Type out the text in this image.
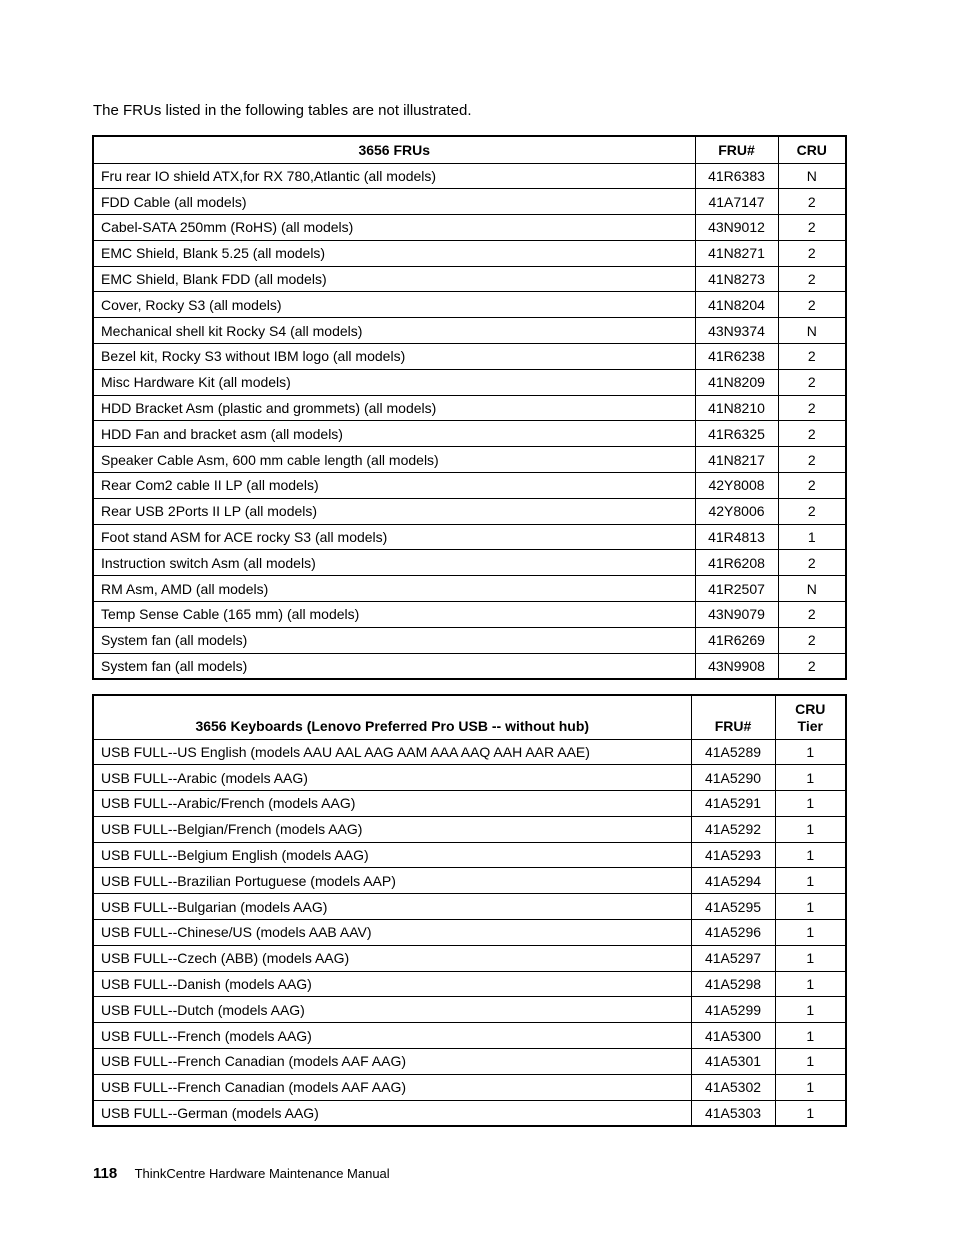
The FRUs listed in the following tables are not illustrated.
3656 FRUs	FRU#	CRU
Fru rear IO shield ATX,for RX 780,Atlantic (all models)	41R6383	N
FDD Cable (all models)	41A7147	2
Cabel-SATA 250mm (RoHS) (all models)	43N9012	2
EMC Shield, Blank 5.25 (all models)	41N8271	2
EMC Shield, Blank FDD (all models)	41N8273	2
Cover, Rocky S3 (all models)	41N8204	2
Mechanical shell kit Rocky S4 (all models)	43N9374	N
Bezel kit, Rocky S3 without IBM logo (all models)	41R6238	2
Misc Hardware Kit (all models)	41N8209	2
HDD Bracket Asm (plastic and grommets) (all models)	41N8210	2
HDD Fan and bracket asm (all models)	41R6325	2
Speaker Cable Asm, 600 mm cable length (all models)	41N8217	2
Rear Com2 cable II LP (all models)	42Y8008	2
Rear USB 2Ports II LP (all models)	42Y8006	2
Foot stand ASM for ACE rocky S3 (all models)	41R4813	1
Instruction switch Asm (all models)	41R6208	2
RM Asm, AMD (all models)	41R2507	N
Temp Sense Cable (165 mm) (all models)	43N9079	2
System fan (all models)	41R6269	2
System fan (all models)	43N9908	2
3656 Keyboards (Lenovo Preferred Pro USB -- without hub)	FRU#	CRU Tier
USB FULL--US English (models AAU AAL AAG AAM AAA AAQ AAH AAR AAE)	41A5289	1
USB FULL--Arabic (models AAG)	41A5290	1
USB FULL--Arabic/French (models AAG)	41A5291	1
USB FULL--Belgian/French (models AAG)	41A5292	1
USB FULL--Belgium English (models AAG)	41A5293	1
USB FULL--Brazilian Portuguese (models AAP)	41A5294	1
USB FULL--Bulgarian (models AAG)	41A5295	1
USB FULL--Chinese/US (models AAB AAV)	41A5296	1
USB FULL--Czech (ABB) (models AAG)	41A5297	1
USB FULL--Danish (models AAG)	41A5298	1
USB FULL--Dutch (models AAG)	41A5299	1
USB FULL--French (models AAG)	41A5300	1
USB FULL--French Canadian (models AAF AAG)	41A5301	1
USB FULL--French Canadian (models AAF AAG)	41A5302	1
USB FULL--German (models AAG)	41A5303	1
118 ThinkCentre Hardware Maintenance Manual
